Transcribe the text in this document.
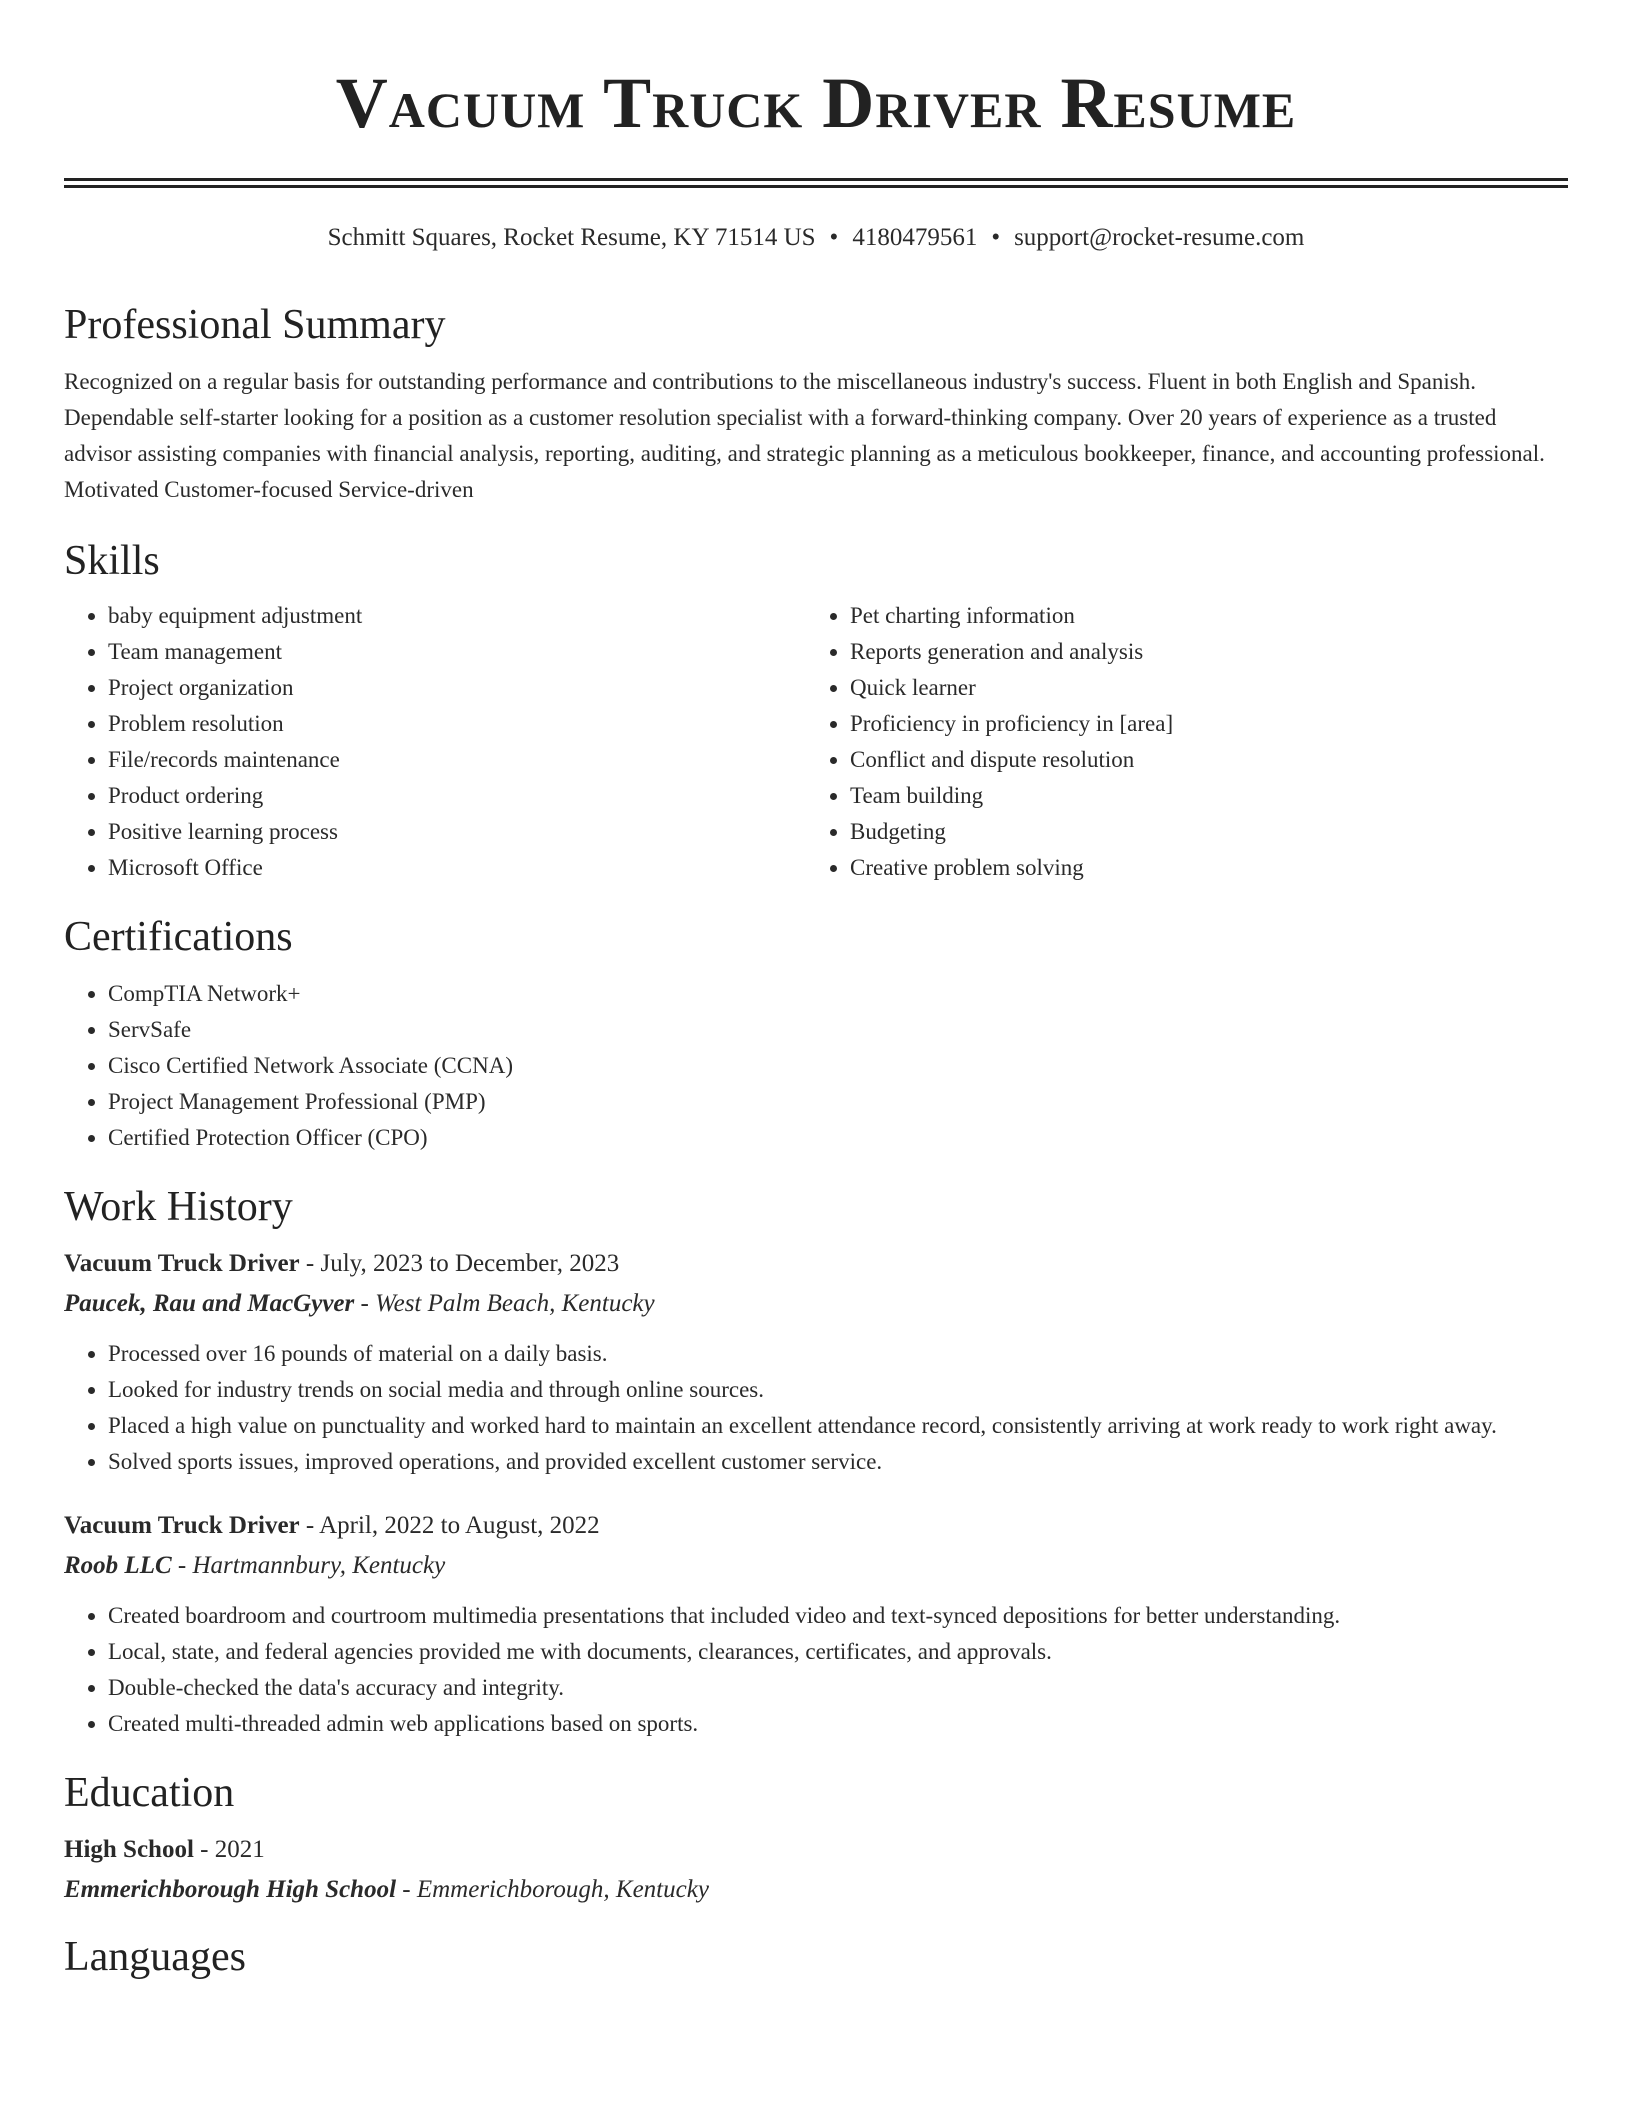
Vacuum Truck Driver Resume
Schmitt Squares, Rocket Resume, KY 71514 US • 4180479561 • support@rocket-resume.com
Professional Summary
Recognized on a regular basis for outstanding performance and contributions to the miscellaneous industry's success. Fluent in both English and Spanish. Dependable self-starter looking for a position as a customer resolution specialist with a forward-thinking company. Over 20 years of experience as a trusted advisor assisting companies with financial analysis, reporting, auditing, and strategic planning as a meticulous bookkeeper, finance, and accounting professional. Motivated Customer-focused Service-driven
Skills
• baby equipment adjustment
• Team management
• Project organization
• Problem resolution
• File/records maintenance
• Product ordering
• Positive learning process
• Microsoft Office
• Pet charting information
• Reports generation and analysis
• Quick learner
• Proficiency in proficiency in [area]
• Conflict and dispute resolution
• Team building
• Budgeting
• Creative problem solving
Certifications
• CompTIA Network+
• ServSafe
• Cisco Certified Network Associate (CCNA)
• Project Management Professional (PMP)
• Certified Protection Officer (CPO)
Work History
Vacuum Truck Driver - July, 2023 to December, 2023
Paucek, Rau and MacGyver - West Palm Beach, Kentucky
• Processed over 16 pounds of material on a daily basis.
• Looked for industry trends on social media and through online sources.
• Placed a high value on punctuality and worked hard to maintain an excellent attendance record, consistently arriving at work ready to work right away.
• Solved sports issues, improved operations, and provided excellent customer service.
Vacuum Truck Driver - April, 2022 to August, 2022
Roob LLC - Hartmannbury, Kentucky
• Created boardroom and courtroom multimedia presentations that included video and text-synced depositions for better understanding.
• Local, state, and federal agencies provided me with documents, clearances, certificates, and approvals.
• Double-checked the data's accuracy and integrity.
• Created multi-threaded admin web applications based on sports.
Education
High School - 2021
Emmerichborough High School - Emmerichborough, Kentucky
Languages
